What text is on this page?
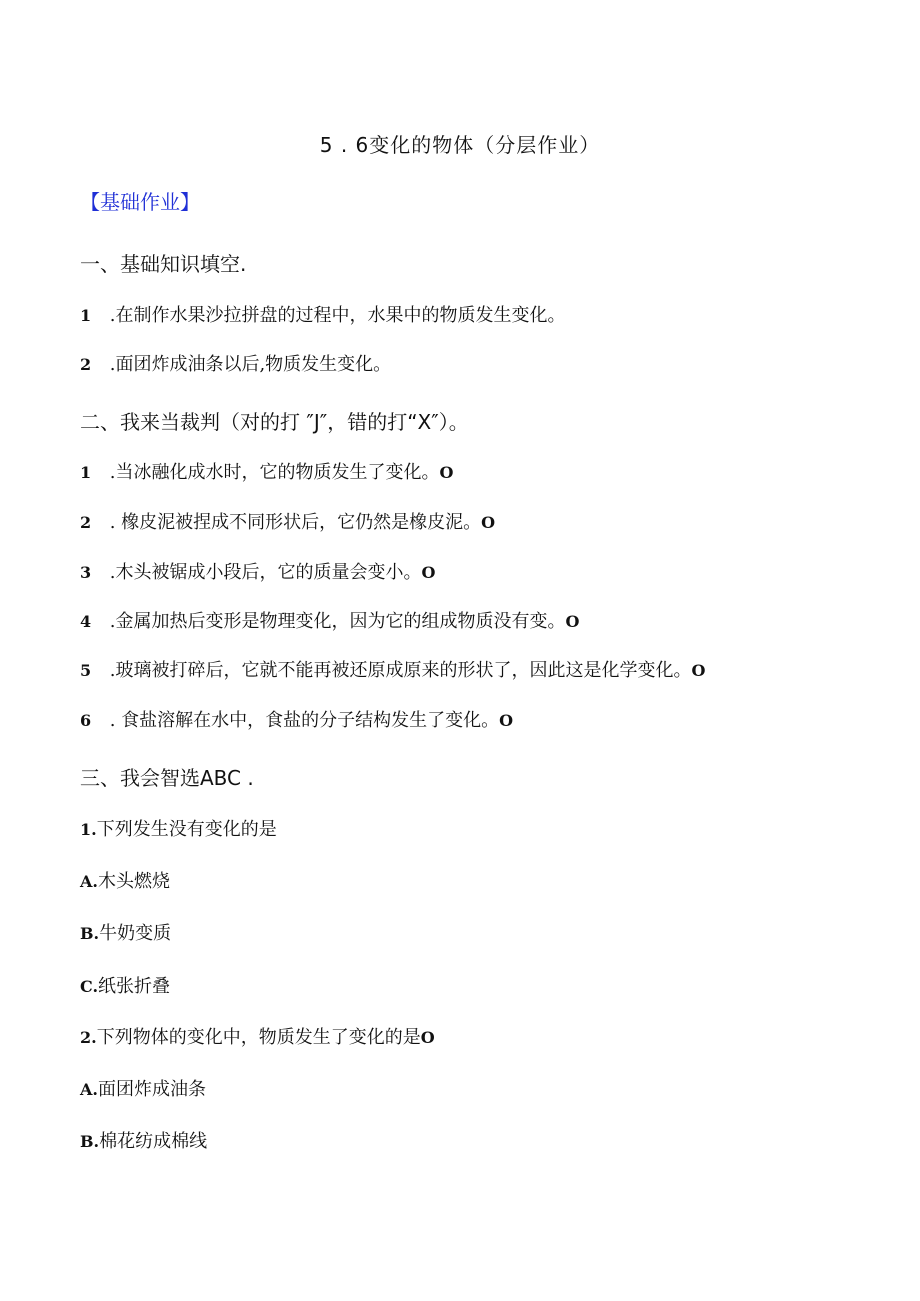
5 . 6变化的物体（分层作业）
【基础作业】
一、基础知识填空.
1 .在制作水果沙拉拼盘的过程中，水果中的物质发生变化。
2 .面团炸成油条以后,物质发生变化。
二、我来当裁判（对的打 ″J″，错的打“X″）。
1 .当冰融化成水时，它的物质发生了变化。O
2 . 橡皮泥被捏成不同形状后，它仍然是橡皮泥。O
3 .木头被锯成小段后，它的质量会变小。O
4 .金属加热后变形是物理变化，因为它的组成物质没有变。O
5 .玻璃被打碎后，它就不能再被还原成原来的形状了，因此这是化学变化。O
6 . 食盐溶解在水中，食盐的分子结构发生了变化。O
三、我会智选ABC .
1.下列发生没有变化的是
A.木头燃烧
B.牛奶变质
C.纸张折叠
2.下列物体的变化中，物质发生了变化的是O
A.面团炸成油条
B.棉花纺成棉线
